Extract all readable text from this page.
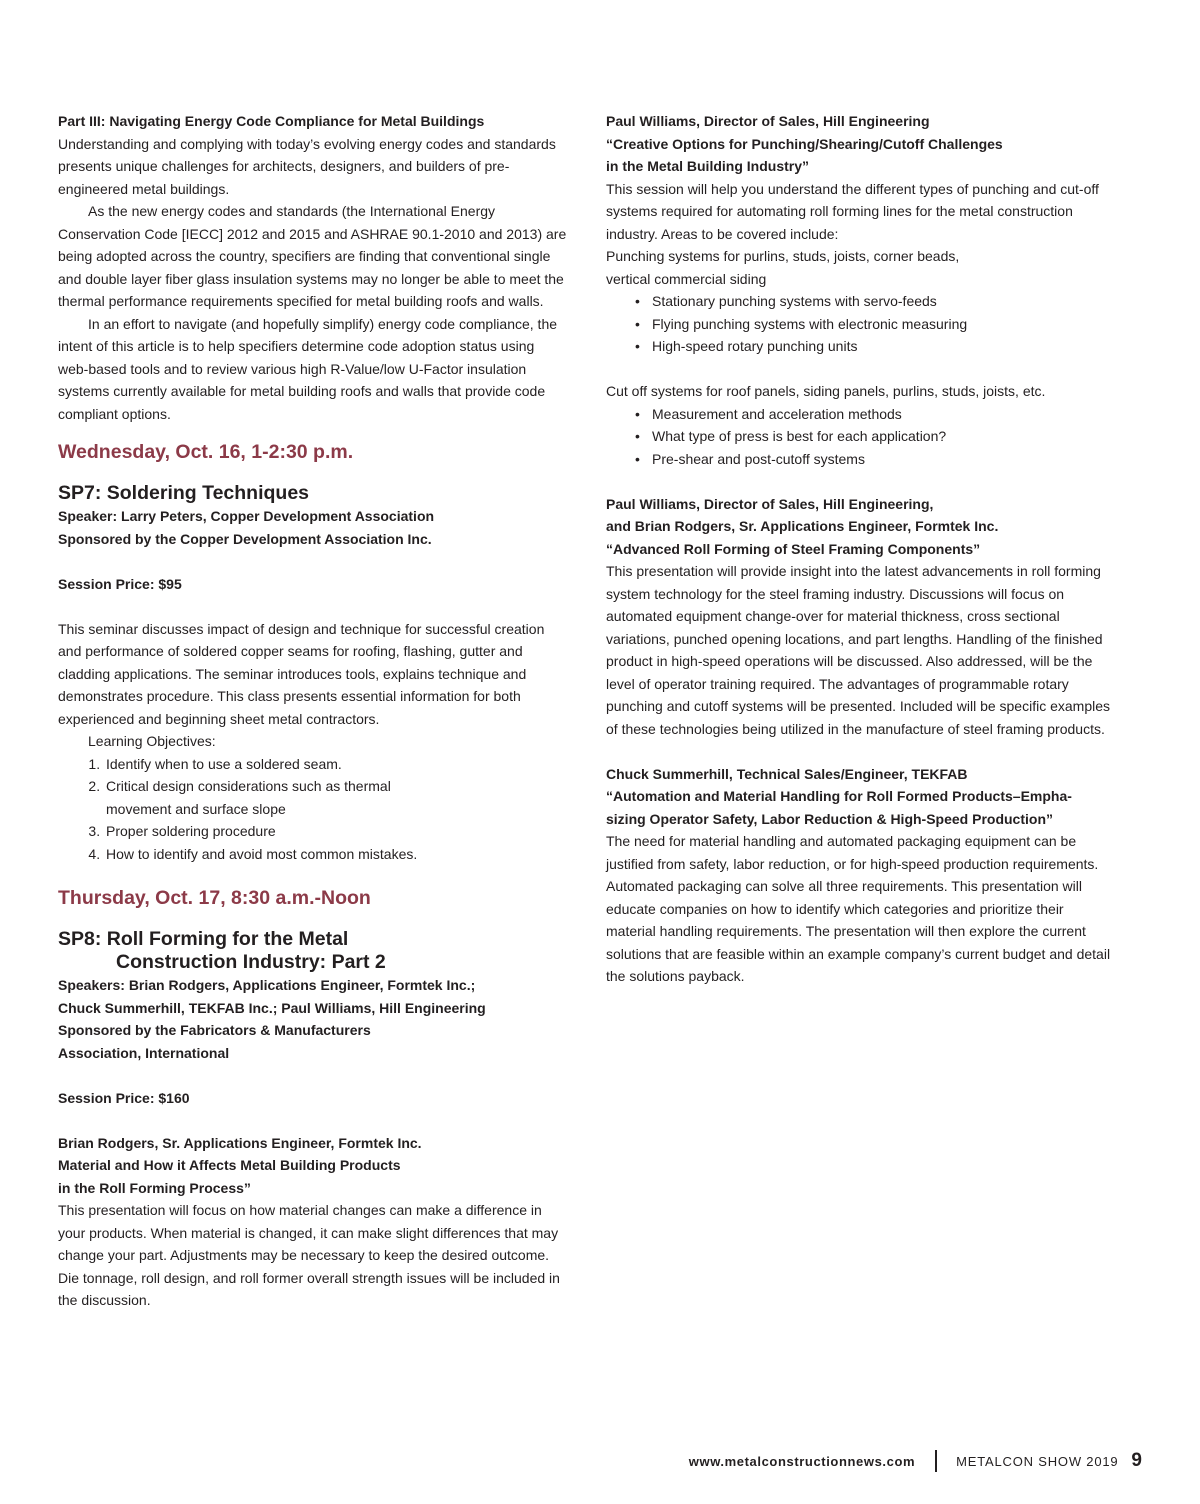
Part III: Navigating Energy Code Compliance for Metal Buildings
Understanding and complying with today’s evolving energy codes and standards presents unique challenges for architects, designers, and builders of pre-engineered metal buildings.
As the new energy codes and standards (the International Energy Conservation Code [IECC] 2012 and 2015 and ASHRAE 90.1-2010 and 2013) are being adopted across the country, specifiers are finding that conventional single and double layer fiber glass insulation systems may no longer be able to meet the thermal performance requirements specified for metal building roofs and walls.
In an effort to navigate (and hopefully simplify) energy code compliance, the intent of this article is to help specifiers determine code adoption status using web-based tools and to review various high R-Value/low U-Factor insulation systems currently available for metal building roofs and walls that provide code compliant options.
Wednesday, Oct. 16, 1-2:30 p.m.
SP7: Soldering Techniques
Speaker: Larry Peters, Copper Development Association
Sponsored by the Copper Development Association Inc.
Session Price: $95
This seminar discusses impact of design and technique for successful creation and performance of soldered copper seams for roofing, flashing, gutter and cladding applications. The seminar introduces tools, explains technique and demonstrates procedure. This class presents essential information for both experienced and beginning sheet metal contractors.
Learning Objectives:
1. Identify when to use a soldered seam.
2. Critical design considerations such as thermal movement and surface slope
3. Proper soldering procedure
4. How to identify and avoid most common mistakes.
Thursday, Oct. 17, 8:30 a.m.-Noon
SP8: Roll Forming for the Metal
Construction Industry: Part 2
Speakers: Brian Rodgers, Applications Engineer, Formtek Inc.;
Chuck Summerhill, TEKFAB Inc.; Paul Williams, Hill Engineering
Sponsored by the Fabricators & Manufacturers
Association, International
Session Price: $160
Brian Rodgers, Sr. Applications Engineer, Formtek Inc.
Material and How it Affects Metal Building Products
in the Roll Forming Process”
This presentation will focus on how material changes can make a difference in your products. When material is changed, it can make slight differences that may change your part. Adjustments may be necessary to keep the desired outcome. Die tonnage, roll design, and roll former overall strength issues will be included in the discussion.
Paul Williams, Director of Sales, Hill Engineering
“Creative Options for Punching/Shearing/Cutoff Challenges
in the Metal Building Industry”
This session will help you understand the different types of punching and cut-off systems required for automating roll forming lines for the metal construction industry. Areas to be covered include:
Punching systems for purlins, studs, joists, corner beads,
vertical commercial siding
• Stationary punching systems with servo-feeds
• Flying punching systems with electronic measuring
• High-speed rotary punching units
Cut off systems for roof panels, siding panels, purlins, studs, joists, etc.
• Measurement and acceleration methods
• What type of press is best for each application?
• Pre-shear and post-cutoff systems
Paul Williams, Director of Sales, Hill Engineering,
and Brian Rodgers, Sr. Applications Engineer, Formtek Inc.
“Advanced Roll Forming of Steel Framing Components”
This presentation will provide insight into the latest advancements in roll forming system technology for the steel framing industry. Discussions will focus on automated equipment change-over for material thickness, cross sectional variations, punched opening locations, and part lengths. Handling of the finished product in high-speed operations will be discussed. Also addressed, will be the level of operator training required. The advantages of programmable rotary punching and cutoff systems will be presented. Included will be specific examples of these technologies being utilized in the manufacture of steel framing products.
Chuck Summerhill, Technical Sales/Engineer, TEKFAB
“Automation and Material Handling for Roll Formed Products–Empha-
sizing Operator Safety, Labor Reduction & High-Speed Production”
The need for material handling and automated packaging equipment can be justified from safety, labor reduction, or for high-speed production requirements. Automated packaging can solve all three requirements. This presentation will educate companies on how to identify which categories and prioritize their material handling requirements. The presentation will then explore the current solutions that are feasible within an example company’s current budget and detail the solutions payback.
www.metalconstructionnews.com	METALCON SHOW 2019 9
